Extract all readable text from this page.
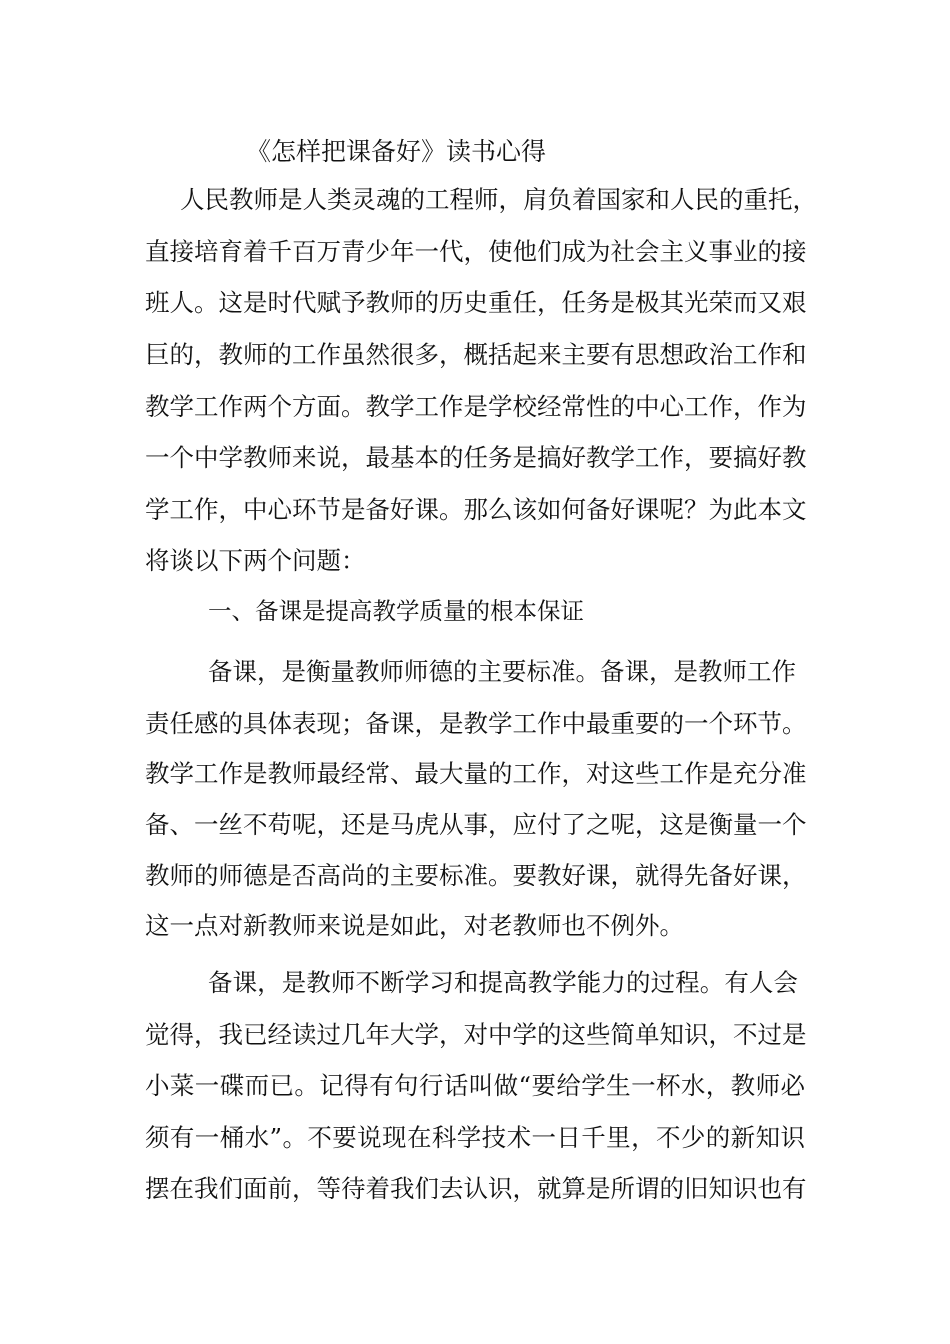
《怎样把课备好》读书心得

人民教师是人类灵魂的工程师，肩负着国家和人民的重托，

直接培育着千百万青少年一代，使他们成为社会主义事业的接

班人。这是时代赋予教师的历史重任，任务是极其光荣而又艰

巨的，教师的工作虽然很多，概括起来主要有思想政治工作和

教学工作两个方面。教学工作是学校经常性的中心工作，作为

一个中学教师来说，最基本的任务是搞好教学工作，要搞好教

学工作，中心环节是备好课。那么该如何备好课呢？为此本文

将谈以下两个问题：

一、备课是提高教学质量的根本保证

备课，是衡量教师师德的主要标准。备课，是教师工作

责任感的具体表现；备课，是教学工作中最重要的一个环节。

教学工作是教师最经常、最大量的工作，对这些工作是充分准

备、一丝不苟呢，还是马虎从事，应付了之呢，这是衡量一个

教师的师德是否高尚的主要标准。要教好课，就得先备好课，

这一点对新教师来说是如此，对老教师也不例外。

备课，是教师不断学习和提高教学能力的过程。有人会

觉得，我已经读过几年大学，对中学的这些简单知识，不过是

小菜一碟而已。记得有句行话叫做“要给学生一杯水，教师必

须有一桶水”。不要说现在科学技术一日千里，不少的新知识

摆在我们面前，等待着我们去认识，就算是所谓的旧知识也有
